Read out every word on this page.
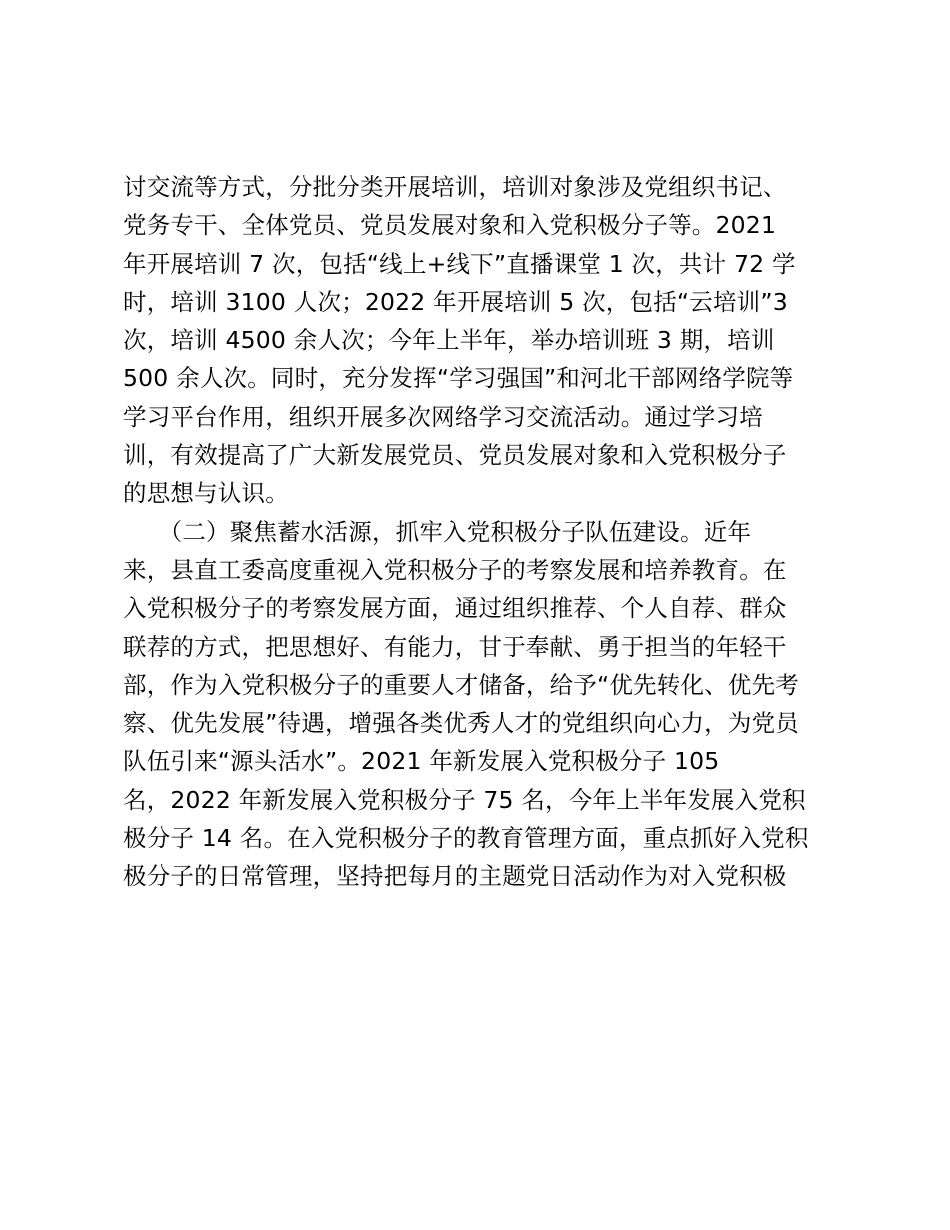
讨交流等方式，分批分类开展培训，培训对象涉及党组织书记、
党务专干、全体党员、党员发展对象和入党积极分子等。2021
年开展培训 7 次，包括“线上+线下”直播课堂 1 次，共计 72 学
时，培训 3100 人次；2022 年开展培训 5 次，包括“云培训”3
次，培训 4500 余人次；今年上半年，举办培训班 3 期，培训
500 余人次。同时，充分发挥“学习强国”和河北干部网络学院等
学习平台作用，组织开展多次网络学习交流活动。通过学习培
训，有效提高了广大新发展党员、党员发展对象和入党积极分子
的思想与认识。
　　（二）聚焦蓄水活源，抓牢入党积极分子队伍建设。近年
来，县直工委高度重视入党积极分子的考察发展和培养教育。在
入党积极分子的考察发展方面，通过组织推荐、个人自荐、群众
联荐的方式，把思想好、有能力，甘于奉献、勇于担当的年轻干
部，作为入党积极分子的重要人才储备，给予“优先转化、优先考
察、优先发展”待遇，增强各类优秀人才的党组织向心力，为党员
队伍引来“源头活水”。2021 年新发展入党积极分子 105
名，2022 年新发展入党积极分子 75 名，今年上半年发展入党积
极分子 14 名。在入党积极分子的教育管理方面，重点抓好入党积
极分子的日常管理，坚持把每月的主题党日活动作为对入党积极
